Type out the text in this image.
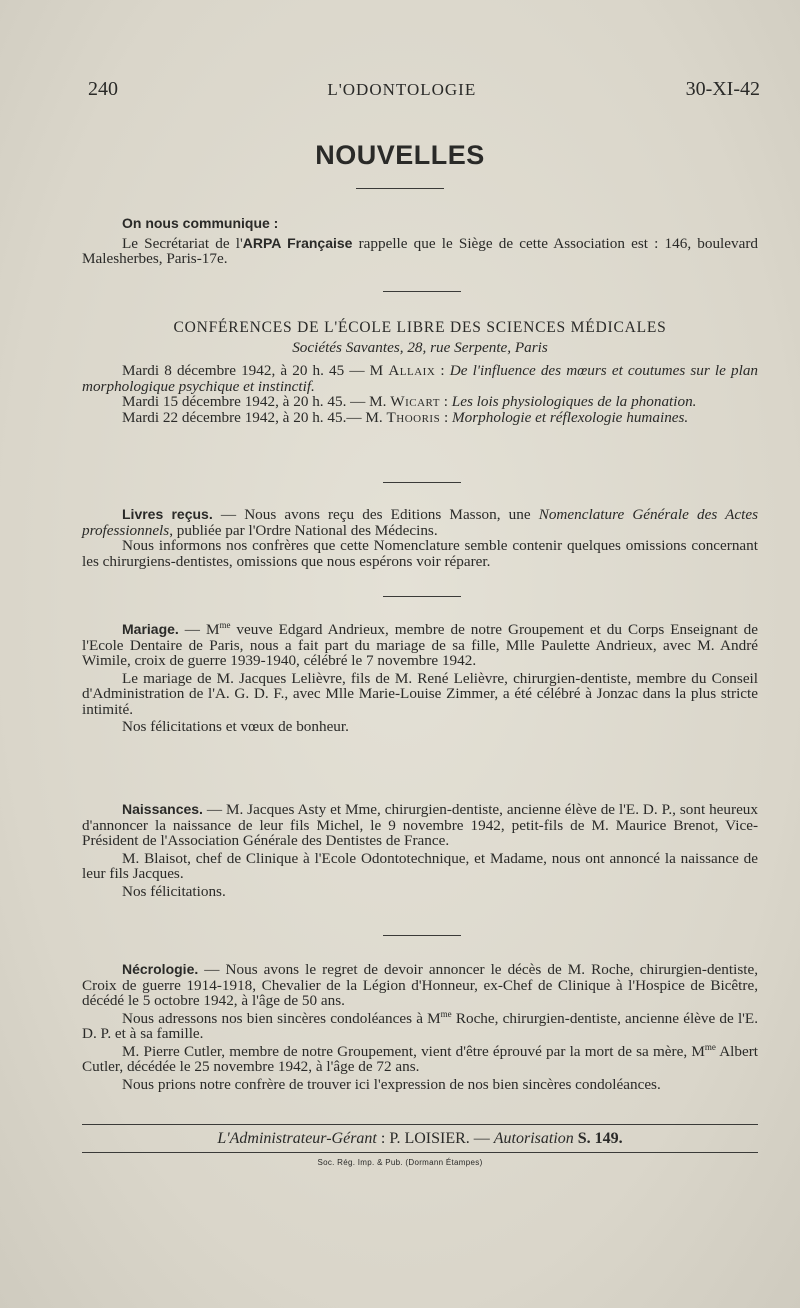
240	L'ODONTOLOGIE	30-XI-42
NOUVELLES

On nous communique :

Le Secrétariat de l'ARPA Française rappelle que le Siège de cette Association est : 146, boulevard Malesherbes, Paris-17e.

CONFÉRENCES DE L'ÉCOLE LIBRE DES SCIENCES MÉDICALES

Sociétés Savantes, 28, rue Serpente, Paris

Mardi 8 décembre 1942, à 20 h. 45 — M Allaix : De l'influence des mœurs et coutumes sur le plan morphologique psychique et instinctif.

Mardi 15 décembre 1942, à 20 h. 45. — M. Wicart : Les lois physiologiques de la phonation.

Mardi 22 décembre 1942, à 20 h. 45.— M. Thooris : Morphologie et réflexologie humaines.

Livres reçus. — Nous avons reçu des Editions Masson, une Nomenclature Générale des Actes professionnels, publiée par l'Ordre National des Médecins.

Nous informons nos confrères que cette Nomenclature semble contenir quelques omissions concernant les chirurgiens-dentistes, omissions que nous espérons voir réparer.

Mariage. — $M^{me}$ veuve Edgard Andrieux, membre de notre Groupement et du Corps Enseignant de l'Ecole Dentaire de Paris, nous a fait part du mariage de sa fille, Mlle Paulette Andrieux, avec M. André Wimile, croix de guerre 1939-1940, célébré le 7 novembre 1942.

Le mariage de M. Jacques Lelièvre, fils de M. René Lelièvre, chirurgien-dentiste, membre du Conseil d'Administration de l'A. G. D. F., avec Mlle Marie-Louise Zimmer, a été célébré à Jonzac dans la plus stricte intimité.

Nos félicitations et vœux de bonheur.

Naissances. — M. Jacques Asty et Mme, chirurgien-dentiste, ancienne élève de l'E. D. P., sont heureux d'annoncer la naissance de leur fils Michel, le 9 novembre 1942, petit-fils de M. Maurice Brenot, Vice-Président de l'Association Générale des Dentistes de France.

M. Blaisot, chef de Clinique à l'Ecole Odontotechnique, et Madame, nous ont annoncé la naissance de leur fils Jacques.

Nos félicitations.

Nécrologie. — Nous avons le regret de devoir annoncer le décès de M. Roche, chirurgien-dentiste, Croix de guerre 1914-1918, Chevalier de la Légion d'Honneur, ex-Chef de Clinique à l'Hospice de Bicêtre, décédé le 5 octobre 1942, à l'âge de 50 ans.

Nous adressons nos bien sincères condoléances à $M^{me}$ Roche, chirurgien-dentiste, ancienne élève de l'E. D. P. et à sa famille.

M. Pierre Cutler, membre de notre Groupement, vient d'être éprouvé par la mort de sa mère, $M^{me}$ Albert Cutler, décédée le 25 novembre 1942, à l'âge de 72 ans.

Nous prions notre confrère de trouver ici l'expression de nos bien sincères condoléances.

L'Administrateur-Gérant : P. LOISIER. — Autorisation S. 149.
Soc. Rég. Imp. & Pub. (Dormann Étampes)
